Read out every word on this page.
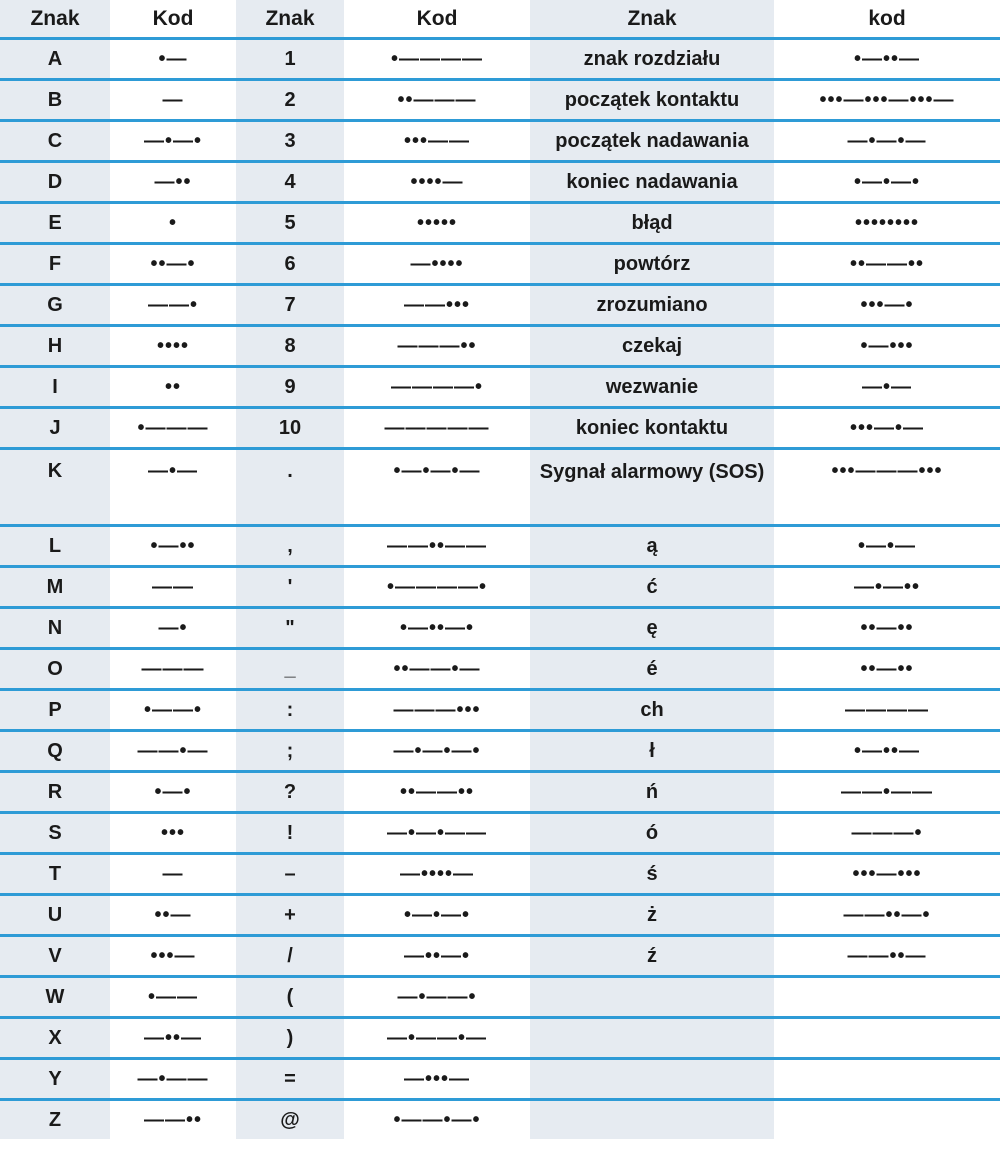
Znak	Kod	Znak	Kod	Znak	kod
A	•—	1	•————	znak rozdziału	•—••—
B	—	2	••———	początek kontaktu	•••—•••—•••—
C	—•—•	3	•••——	początek nadawania	—•—•—
D	—••	4	••••—	koniec nadawania	•—•—•
E	•	5	•••••	błąd	••••••••
F	••—•	6	—••••	powtórz	••——••
G	——•	7	——•••	zrozumiano	•••—•
H	••••	8	———••	czekaj	•—•••
I	••	9	————•	wezwanie	—•—
J	•———	10	—————	koniec kontaktu	•••—•—
K	—•—	.	•—•—•—	Sygnał alarmowy (SOS)	•••———•••
L	•—••	,	——••——	ą	•—•—
M	——	'	•————•	ć	—•—••
N	—•	"	•—••—•	ę	••—••
O	———	_	••——•—	é	••—••
P	•——•	:	———•••	ch	————
Q	——•—	;	—•—•—•	ł	•—••—
R	•—•	?	••——••	ń	——•——
S	•••	!	—•—•——	ó	———•
T	—	–	—••••—	ś	•••—•••
U	••—	+	•—•—•	ż	——••—•
V	•••—	/	—••—•	ź	——••—
W	•——	(	—•——•		
X	—••—	)	—•——•—		
Y	—•——	=	—•••—		
Z	——••	@	•——•—•		
